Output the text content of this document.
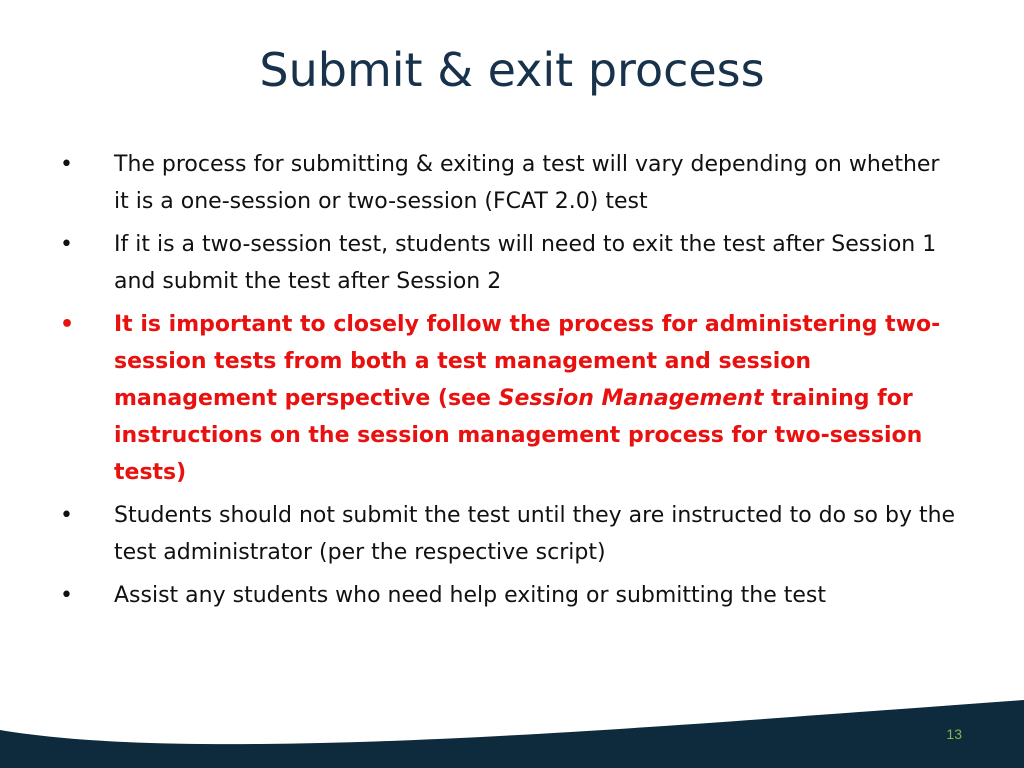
Submit & exit process
•	The process for submitting & exiting a test will vary depending on whether it is a one-session or two-session (FCAT 2.0) test
•	If it is a two-session test, students will need to exit the test after Session 1 and submit the test after Session 2
• It is important to closely follow the process for administering two-session tests from both a test management and session management perspective (see Session Management training for instructions on the session management process for two-session tests)
•	Students should not submit the test until they are instructed to do so by the test administrator (per the respective script)
•	Assist any students who need help exiting or submitting the test
13
